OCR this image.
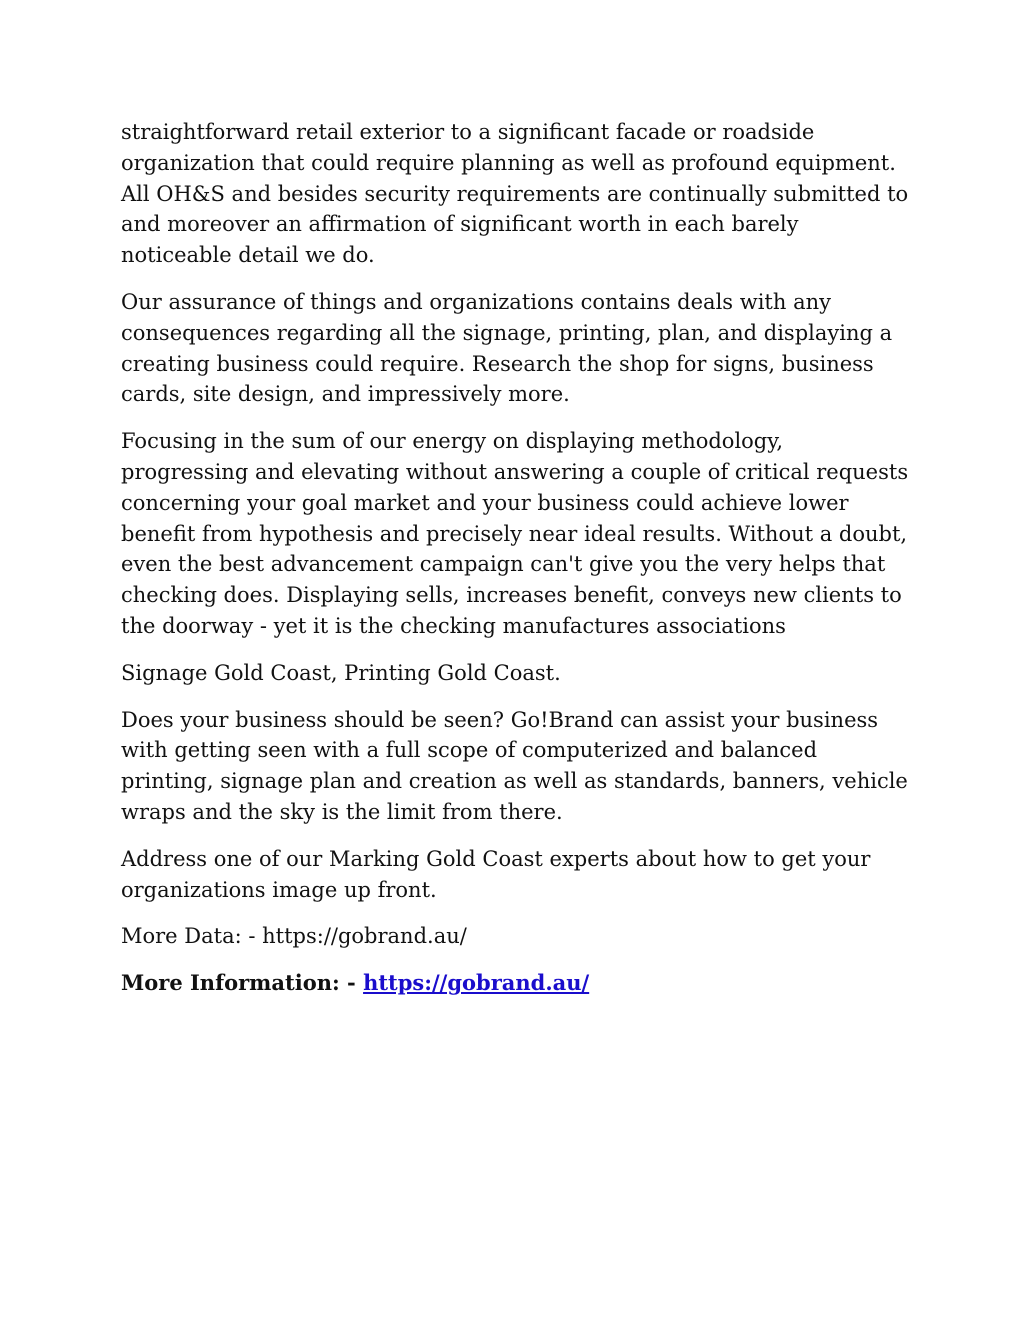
straightforward retail exterior to a significant facade or roadside organization that could require planning as well as profound equipment. All OH&S and besides security requirements are continually submitted to and moreover an affirmation of significant worth in each barely noticeable detail we do.

Our assurance of things and organizations contains deals with any consequences regarding all the signage, printing, plan, and displaying a creating business could require. Research the shop for signs, business cards, site design, and impressively more.

Focusing in the sum of our energy on displaying methodology, progressing and elevating without answering a couple of critical requests concerning your goal market and your business could achieve lower benefit from hypothesis and precisely near ideal results. Without a doubt, even the best advancement campaign can't give you the very helps that checking does. Displaying sells, increases benefit, conveys new clients to the doorway - yet it is the checking manufactures associations

Signage Gold Coast, Printing Gold Coast.

Does your business should be seen? Go!Brand can assist your business with getting seen with a full scope of computerized and balanced printing, signage plan and creation as well as standards, banners, vehicle wraps and the sky is the limit from there.

Address one of our Marking Gold Coast experts about how to get your organizations image up front.

More Data: - https://gobrand.au/

More Information: - https://gobrand.au/
